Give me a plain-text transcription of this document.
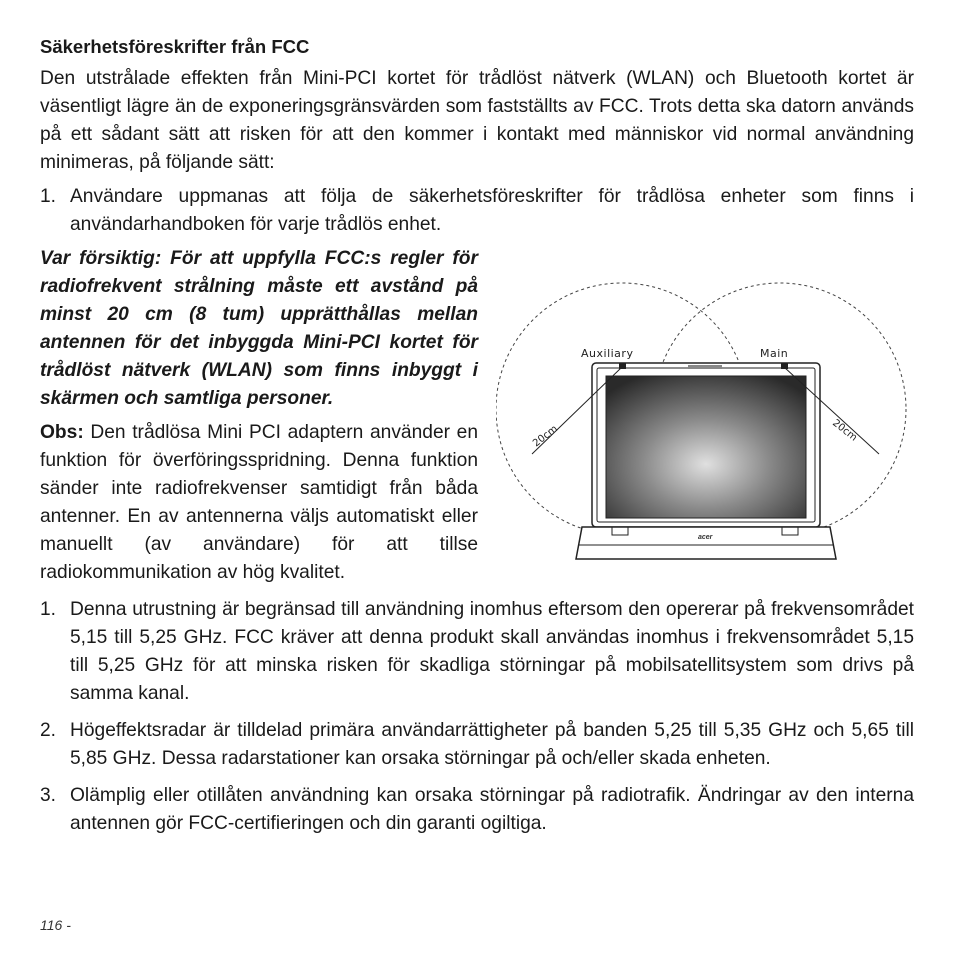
Säkerhetsföreskrifter från FCC

Den utstrålade effekten från Mini-PCI kortet för trådlöst nätverk (WLAN) och Bluetooth kortet är väsentligt lägre än de exponeringsgränsvärden som fastställts av FCC. Trots detta ska datorn används på ett sådant sätt att risken för att den kommer i kontakt med människor vid normal användning minimeras, på följande sätt:

1. Användare uppmanas att följa de säkerhetsföreskrifter för trådlösa enheter som finns i användarhandboken för varje trådlös enhet.
acer
Auxiliary	Main
20cm	20cm

Var försiktig: För att uppfylla FCC:s regler för radiofrekvent strålning måste ett avstånd på minst 20 cm (8 tum) upprätthållas mellan antennen för det inbyggda Mini-PCI kortet för trådlöst nätverk (WLAN) som finns inbyggt i skärmen och samtliga personer.

Obs: Den trådlösa Mini PCI adaptern använder en funktion för överföringsspridning. Denna funktion sänder inte radiofrekvenser samtidigt från båda antenner. En av antennerna väljs automatiskt eller manuellt (av användare) för att tillse radiokommunikation av hög kvalitet.

1. Denna utrustning är begränsad till användning inomhus eftersom den opererar på frekvensområdet 5,15 till 5,25 GHz. FCC kräver att denna produkt skall användas inomhus i frekvensområdet 5,15 till 5,25 GHz för att minska risken för skadliga störningar på mobilsatellitsystem som drivs på samma kanal.
2. Högeffektsradar är tilldelad primära användarrättigheter på banden 5,25 till 5,35 GHz och 5,65 till 5,85 GHz. Dessa radarstationer kan orsaka störningar på och/eller skada enheten.
3. Olämplig eller otillåten användning kan orsaka störningar på radiotrafik. Ändringar av den interna antennen gör FCC-certifieringen och din garanti ogiltiga.
116 -
